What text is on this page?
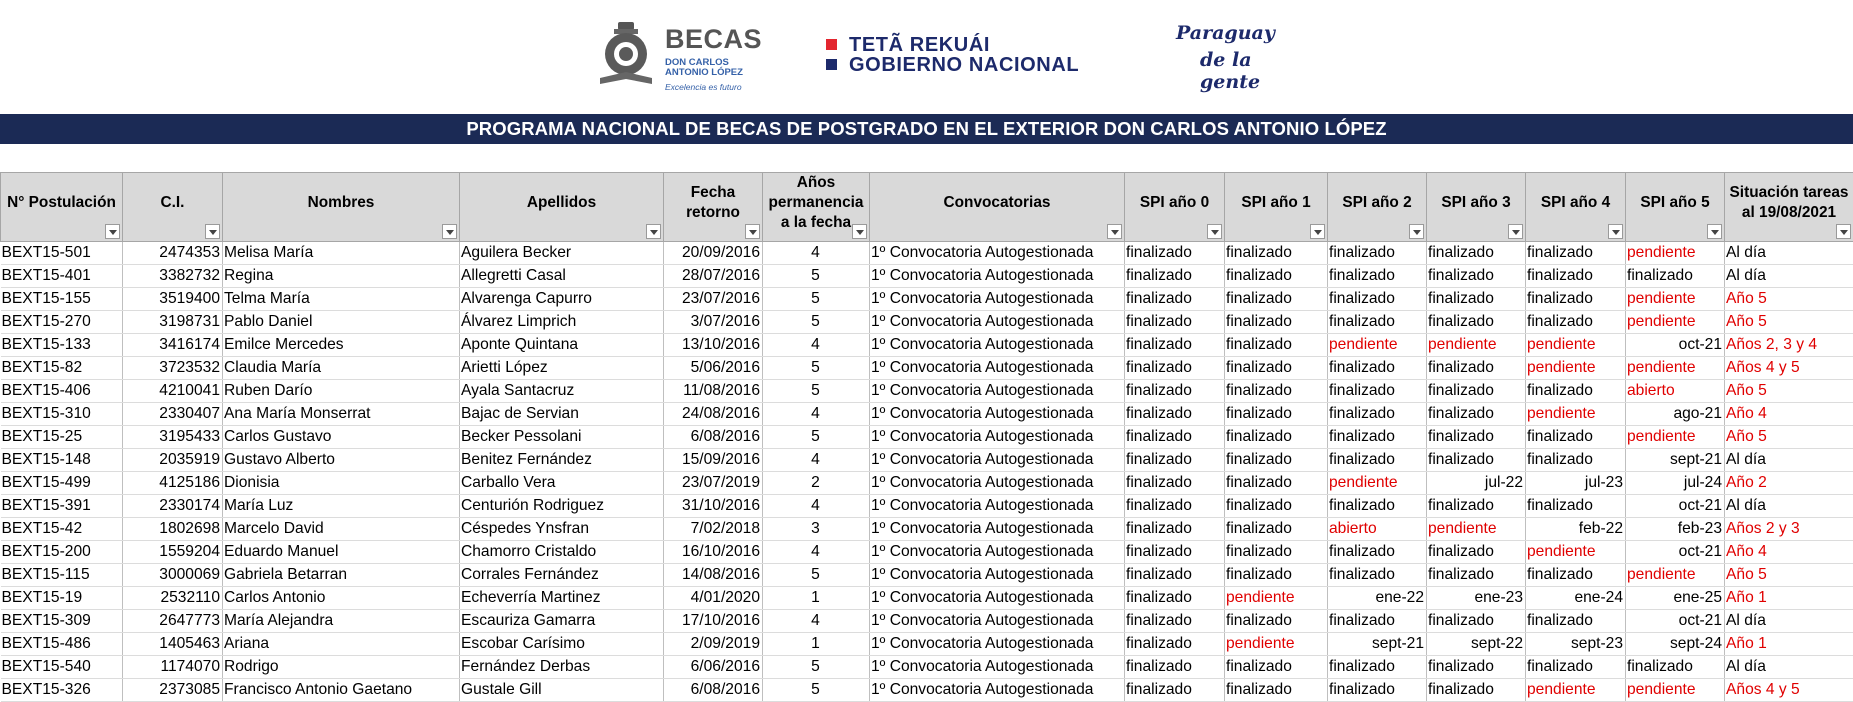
BECAS
DON CARLOS
ANTONIO LÓPEZ
Excelencia es futuro
TETÃ REKUÁI
GOBIERNO NACIONAL
Paraguay
de la gente
PROGRAMA NACIONAL DE BECAS DE POSTGRADO EN EL EXTERIOR DON CARLOS ANTONIO LÓPEZ
N° Postulación	C.I.	Nombres	Apellidos	Fecha retorno	Años permanencia a la fecha	Convocatorias	SPI año 0	SPI año 1	SPI año 2	SPI año 3	SPI año 4	SPI año 5	Situación tareas al 19/08/2021

BEXT15-501	2474353	Melisa María	Aguilera Becker	20/09/2016	4	1º Convocatoria Autogestionada	finalizado	finalizado	finalizado	finalizado	finalizado	pendiente	Al día
BEXT15-401	3382732	Regina	Allegretti Casal	28/07/2016	5	1º Convocatoria Autogestionada	finalizado	finalizado	finalizado	finalizado	finalizado	finalizado	Al día
BEXT15-155	3519400	Telma María	Alvarenga Capurro	23/07/2016	5	1º Convocatoria Autogestionada	finalizado	finalizado	finalizado	finalizado	finalizado	pendiente	Año 5
BEXT15-270	3198731	Pablo Daniel	Álvarez Limprich	3/07/2016	5	1º Convocatoria Autogestionada	finalizado	finalizado	finalizado	finalizado	finalizado	pendiente	Año 5
BEXT15-133	3416174	Emilce Mercedes	Aponte Quintana	13/10/2016	4	1º Convocatoria Autogestionada	finalizado	finalizado	pendiente	pendiente	pendiente	oct-21	Años 2, 3 y 4
BEXT15-82	3723532	Claudia María	Arietti López	5/06/2016	5	1º Convocatoria Autogestionada	finalizado	finalizado	finalizado	finalizado	pendiente	pendiente	Años 4 y 5
BEXT15-406	4210041	Ruben Darío	Ayala Santacruz	11/08/2016	5	1º Convocatoria Autogestionada	finalizado	finalizado	finalizado	finalizado	finalizado	abierto	Año 5
BEXT15-310	2330407	Ana María Monserrat	Bajac de Servian	24/08/2016	4	1º Convocatoria Autogestionada	finalizado	finalizado	finalizado	finalizado	pendiente	ago-21	Año 4
BEXT15-25	3195433	Carlos Gustavo	Becker Pessolani	6/08/2016	5	1º Convocatoria Autogestionada	finalizado	finalizado	finalizado	finalizado	finalizado	pendiente	Año 5
BEXT15-148	2035919	Gustavo Alberto	Benitez Fernández	15/09/2016	4	1º Convocatoria Autogestionada	finalizado	finalizado	finalizado	finalizado	finalizado	sept-21	Al día
BEXT15-499	4125186	Dionisia	Carballo Vera	23/07/2019	2	1º Convocatoria Autogestionada	finalizado	finalizado	pendiente	jul-22	jul-23	jul-24	Año 2
BEXT15-391	2330174	María Luz	Centurión Rodriguez	31/10/2016	4	1º Convocatoria Autogestionada	finalizado	finalizado	finalizado	finalizado	finalizado	oct-21	Al día
BEXT15-42	1802698	Marcelo David	Céspedes Ynsfran	7/02/2018	3	1º Convocatoria Autogestionada	finalizado	finalizado	abierto	pendiente	feb-22	feb-23	Años 2 y 3
BEXT15-200	1559204	Eduardo Manuel	Chamorro Cristaldo	16/10/2016	4	1º Convocatoria Autogestionada	finalizado	finalizado	finalizado	finalizado	pendiente	oct-21	Año 4
BEXT15-115	3000069	Gabriela Betarran	Corrales Fernández	14/08/2016	5	1º Convocatoria Autogestionada	finalizado	finalizado	finalizado	finalizado	finalizado	pendiente	Año 5
BEXT15-19	2532110	Carlos Antonio	Echeverría Martinez	4/01/2020	1	1º Convocatoria Autogestionada	finalizado	pendiente	ene-22	ene-23	ene-24	ene-25	Año 1
BEXT15-309	2647773	María Alejandra	Escauriza Gamarra	17/10/2016	4	1º Convocatoria Autogestionada	finalizado	finalizado	finalizado	finalizado	finalizado	oct-21	Al día
BEXT15-486	1405463	Ariana	Escobar Carísimo	2/09/2019	1	1º Convocatoria Autogestionada	finalizado	pendiente	sept-21	sept-22	sept-23	sept-24	Año 1
BEXT15-540	1174070	Rodrigo	Fernández Derbas	6/06/2016	5	1º Convocatoria Autogestionada	finalizado	finalizado	finalizado	finalizado	finalizado	finalizado	Al día
BEXT15-326	2373085	Francisco Antonio Gaetano	Gustale Gill	6/08/2016	5	1º Convocatoria Autogestionada	finalizado	finalizado	finalizado	finalizado	pendiente	pendiente	Años 4 y 5
